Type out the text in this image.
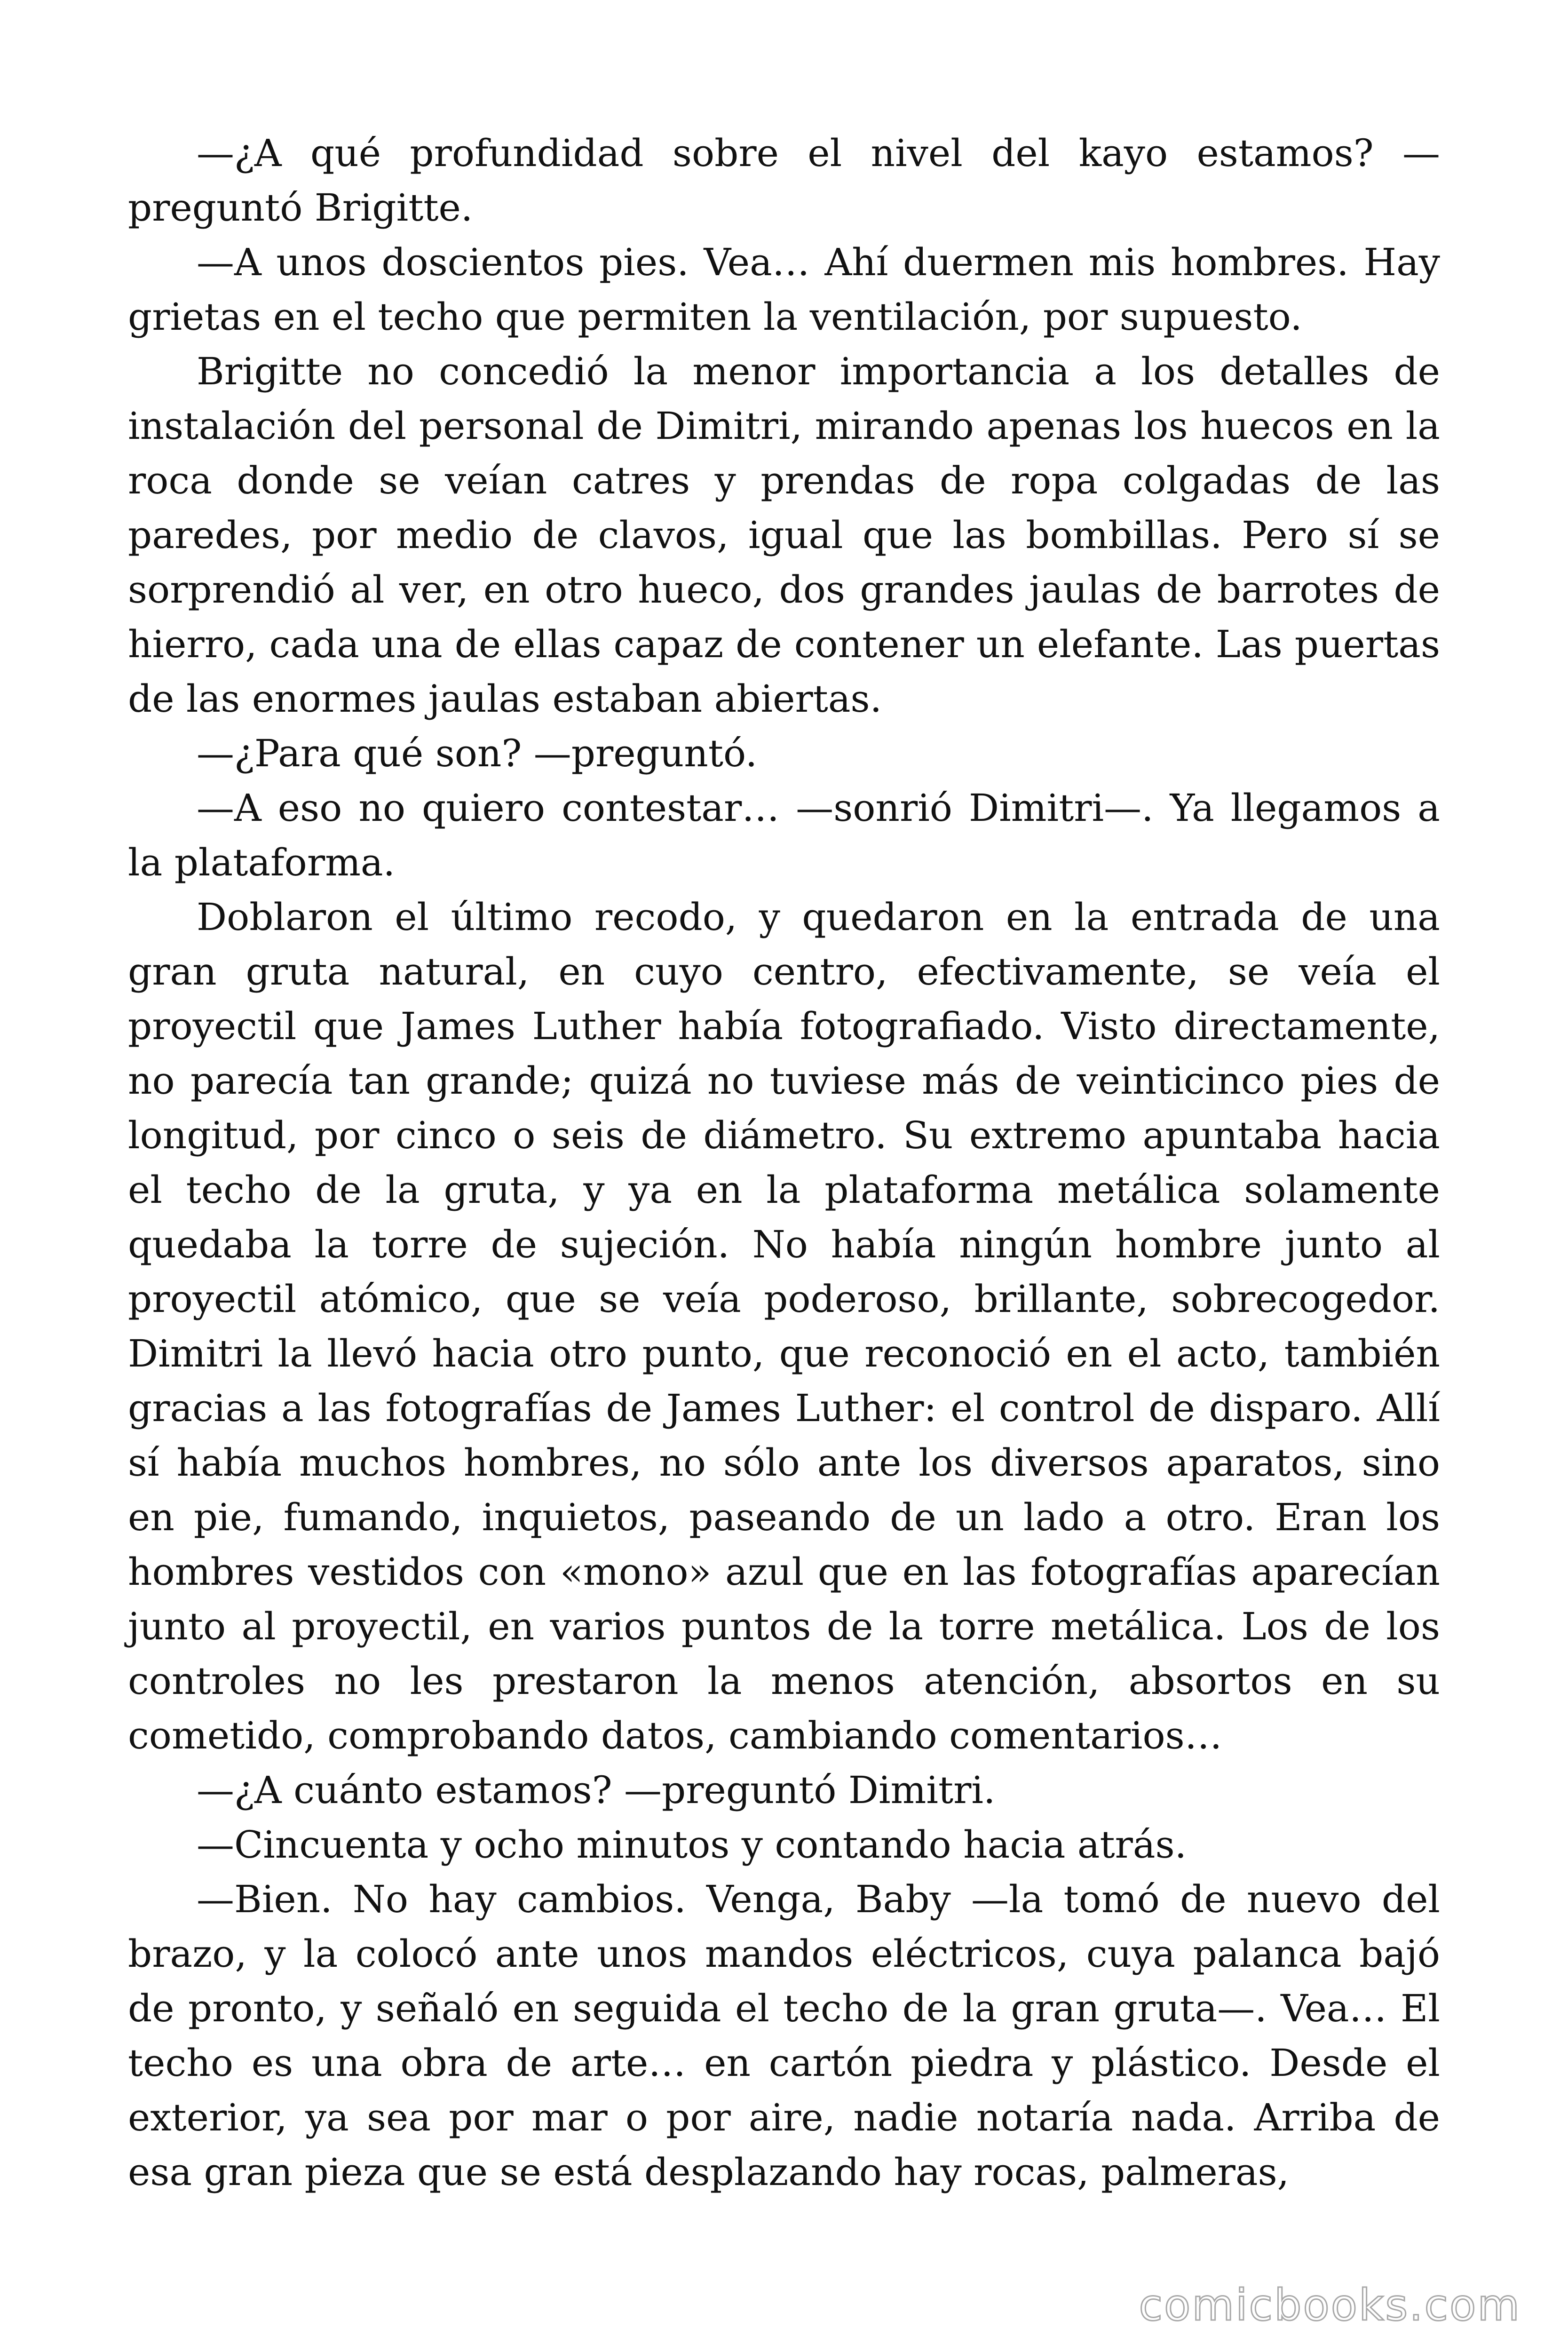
—¿A qué profundidad sobre el nivel del kayo estamos? —preguntó Brigitte.

—A unos doscientos pies. Vea… Ahí duermen mis hombres. Hay grietas en el techo que permiten la ventilación, por supuesto.

Brigitte no concedió la menor importancia a los detalles de instalación del personal de Dimitri, mirando apenas los huecos en la roca donde se veían catres y prendas de ropa colgadas de las paredes, por medio de clavos, igual que las bombillas. Pero sí se sorprendió al ver, en otro hueco, dos grandes jaulas de barrotes de hierro, cada una de ellas capaz de contener un elefante. Las puertas de las enormes jaulas estaban abiertas.

—¿Para qué son? —preguntó.

—A eso no quiero contestar… —sonrió Dimitri—. Ya llegamos a la plataforma.

Doblaron el último recodo, y quedaron en la entrada de una gran gruta natural, en cuyo centro, efectivamente, se veía el proyectil que James Luther había fotografiado. Visto directamente, no parecía tan grande; quizá no tuviese más de veinticinco pies de longitud, por cinco o seis de diámetro. Su extremo apuntaba hacia el techo de la gruta, y ya en la plataforma metálica solamente quedaba la torre de sujeción. No había ningún hombre junto al proyectil atómico, que se veía poderoso, brillante, sobrecogedor. Dimitri la llevó hacia otro punto, que reconoció en el acto, también gracias a las fotografías de James Luther: el control de disparo. Allí sí había muchos hombres, no sólo ante los diversos aparatos, sino en pie, fumando, inquietos, paseando de un lado a otro. Eran los hombres vestidos con «mono» azul que en las fotografías aparecían junto al proyectil, en varios puntos de la torre metálica. Los de los controles no les prestaron la menos atención, absortos en su cometido, comprobando datos, cambiando comentarios…

—¿A cuánto estamos? —preguntó Dimitri.

—Cincuenta y ocho minutos y contando hacia atrás.

—Bien. No hay cambios. Venga, Baby —la tomó de nuevo del brazo, y la colocó ante unos mandos eléctricos, cuya palanca bajó de pronto, y señaló en seguida el techo de la gran gruta—. Vea… El techo es una obra de arte… en cartón piedra y plástico. Desde el exterior, ya sea por mar o por aire, nadie notaría nada. Arriba de esa gran pieza que se está desplazando hay rocas, palmeras,

comicbooks.com
